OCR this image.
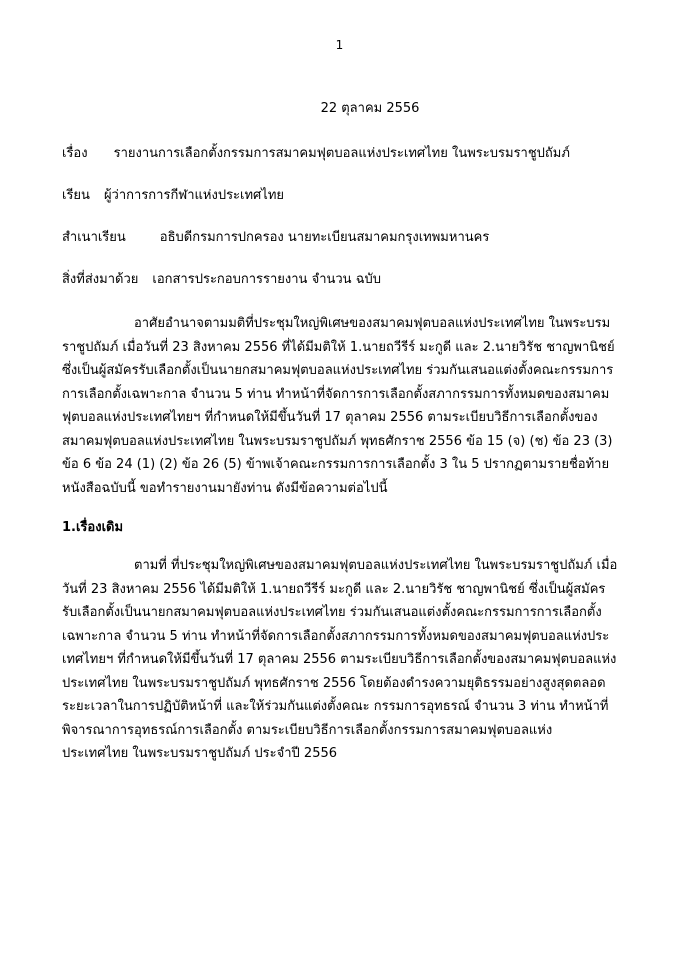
1
22 ตุลาคม 2556
เรื่อง รายงานการเลือกตั้งกรรมการสมาคมฟุตบอลแห่งประเทศไทย ในพระบรมราชูปถัมภ์
เรียน ผู้ว่าการการกีฬาแห่งประเทศไทย
สำเนาเรียน	อธิบดีกรมการปกครอง นายทะเบียนสมาคมกรุงเทพมหานคร
สิ่งที่ส่งมาด้วย เอกสารประกอบการรายงาน จำนวน ฉบับ

อาศัยอำนาจตามมติที่ประชุมใหญ่พิเศษของสมาคมฟุตบอลแห่งประเทศไทย ในพระบรมราชูปถัมภ์ เมื่อวันที่ 23 สิงหาคม 2556 ที่ได้มีมติให้ 1.นายถวีรีร์ มะกูดี และ 2.นายวิรัช ชาญพานิชย์ ซึ่งเป็นผู้สมัครรับเลือกตั้งเป็นนายกสมาคมฟุตบอลแห่งประเทศไทย ร่วมกันเสนอแต่งตั้งคณะกรรมการการเลือกตั้งเฉพาะกาล จำนวน 5 ท่าน ทำหน้าที่จัดการการเลือกตั้งสภากรรมการทั้งหมดของสมาคมฟุตบอลแห่งประเทศไทยฯ ที่กำหนดให้มีขึ้นวันที่ 17 ตุลาคม 2556 ตามระเบียบวิธีการเลือกตั้งของสมาคมฟุตบอลแห่งประเทศไทย ในพระบรมราชูปถัมภ์ พุทธศักราช 2556 ข้อ 15 (จ) (ช) ข้อ 23 (3) ข้อ 6 ข้อ 24 (1) (2) ข้อ 26 (5) ข้าพเจ้าคณะกรรมการการเลือกตั้ง 3 ใน 5 ปรากฏตามรายชื่อท้ายหนังสือฉบับนี้ ขอทำรายงานมายังท่าน ดังมีข้อความต่อไปนี้

1.เรื่องเดิม

ตามที่ ที่ประชุมใหญ่พิเศษของสมาคมฟุตบอลแห่งประเทศไทย ในพระบรมราชูปถัมภ์ เมื่อวันที่ 23 สิงหาคม 2556 ได้มีมติให้ 1.นายถวีรีร์ มะกูดี และ 2.นายวิรัช ชาญพานิชย์ ซึ่งเป็นผู้สมัครรับเลือกตั้งเป็นนายกสมาคมฟุตบอลแห่งประเทศไทย ร่วมกันเสนอแต่งตั้งคณะกรรมการการเลือกตั้งเฉพาะกาล จำนวน 5 ท่าน ทำหน้าที่จัดการเลือกตั้งสภากรรมการทั้งหมดของสมาคมฟุตบอลแห่งประเทศไทยฯ ที่กำหนดให้มีขึ้นวันที่ 17 ตุลาคม 2556 ตามระเบียบวิธีการเลือกตั้งของสมาคมฟุตบอลแห่งประเทศไทย ในพระบรมราชูปถัมภ์ พุทธศักราช 2556 โดยต้องดำรงความยุติธรรมอย่างสูงสุดตลอดระยะเวลาในการปฏิบัติหน้าที่ และให้ร่วมกันแต่งตั้งคณะ กรรมการอุทธรณ์ จำนวน 3 ท่าน ทำหน้าที่พิจารณาการอุทธรณ์การเลือกตั้ง ตามระเบียบวิธีการเลือกตั้งกรรมการสมาคมฟุตบอลแห่งประเทศไทย ในพระบรมราชูปถัมภ์ ประจำปี 2556
